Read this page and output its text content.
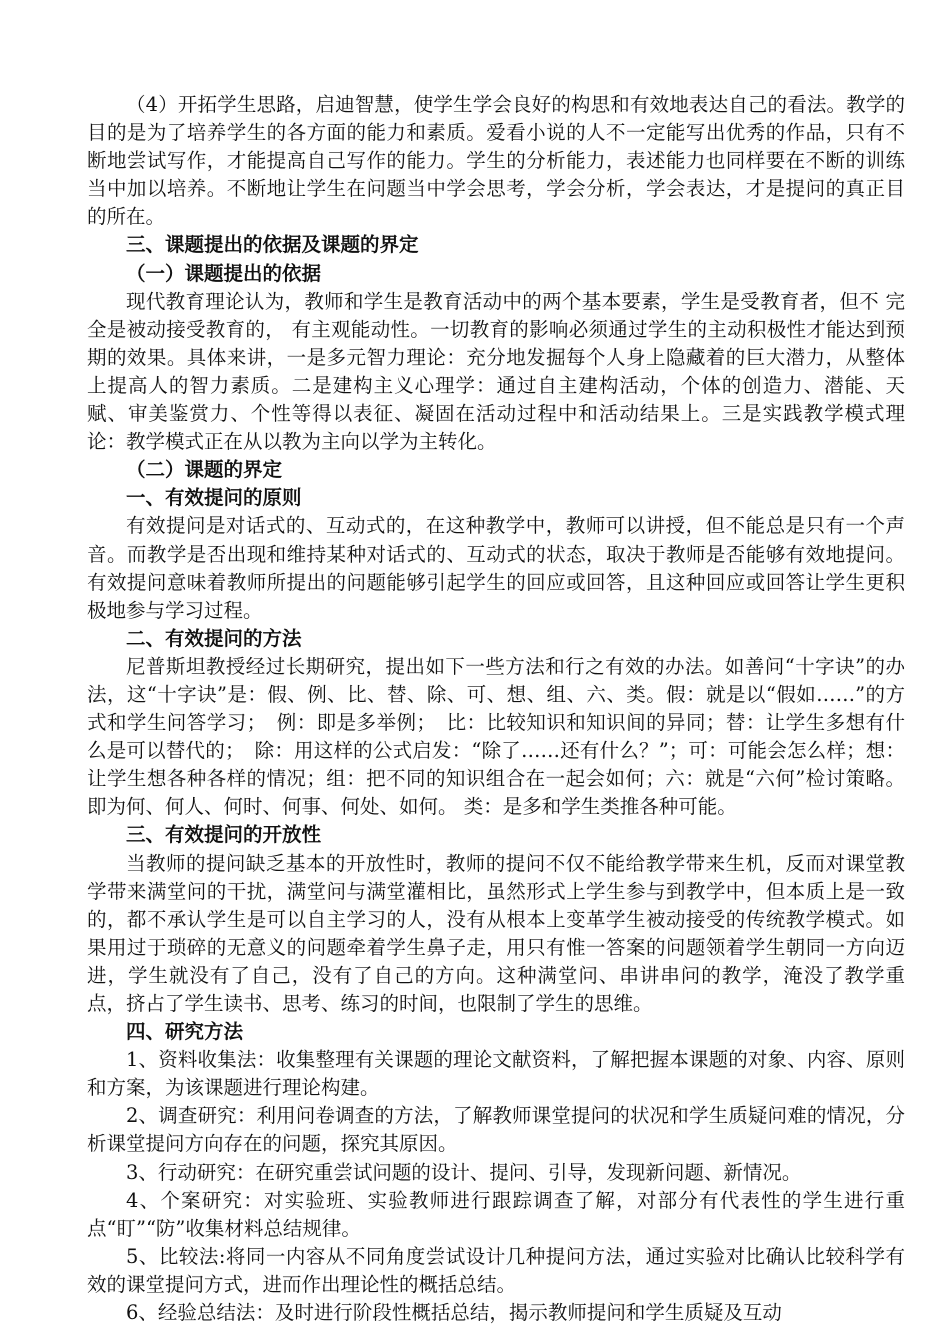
（4）开拓学生思路，启迪智慧，使学生学会良好的构思和有效地表达自己的看法。教学的目的是为了培养学生的各方面的能力和素质。爱看小说的人不一定能写出优秀的作品，只有不断地尝试写作，才能提高自己写作的能力。学生的分析能力，表述能力也同样要在不断的训练当中加以培养。不断地让学生在问题当中学会思考，学会分析，学会表达，才是提问的真正目的所在。

三、课题提出的依据及课题的界定

（一）课题提出的依据

现代教育理论认为，教师和学生是教育活动中的两个基本要素，学生是受教育者，但不 完全是被动接受教育的， 有主观能动性。一切教育的影响必须通过学生的主动积极性才能达到预期的效果。具体来讲，一是多元智力理论：充分地发掘每个人身上隐藏着的巨大潜力，从整体上提高人的智力素质。二是建构主义心理学：通过自主建构活动，个体的创造力、潜能、天赋、审美鉴赏力、个性等得以表征、凝固在活动过程中和活动结果上。三是实践教学模式理论：教学模式正在从以教为主向以学为主转化。

（二）课题的界定

一、有效提问的原则

有效提问是对话式的、互动式的，在这种教学中，教师可以讲授，但不能总是只有一个声音。而教学是否出现和维持某种对话式的、互动式的状态，取决于教师是否能够有效地提问。有效提问意味着教师所提出的问题能够引起学生的回应或回答，且这种回应或回答让学生更积极地参与学习过程。

二、有效提问的方法

尼普斯坦教授经过长期研究，提出如下一些方法和行之有效的办法。如善问“十字诀”的办法，这“十字诀”是：假、例、比、替、除、可、想、组、六、类。假：就是以“假如……”的方式和学生问答学习；　例：即是多举例；　比：比较知识和知识间的异同；替：让学生多想有什么是可以替代的；　除：用这样的公式启发：“除了……还有什么？”；可：可能会怎么样；想：让学生想各种各样的情况；组：把不同的知识组合在一起会如何；六：就是“六何”检讨策略。即为何、何人、何时、何事、何处、如何。 类：是多和学生类推各种可能。

三、有效提问的开放性

当教师的提问缺乏基本的开放性时，教师的提问不仅不能给教学带来生机，反而对课堂教学带来满堂问的干扰，满堂问与满堂灌相比，虽然形式上学生参与到教学中，但本质上是一致的，都不承认学生是可以自主学习的人，没有从根本上变革学生被动接受的传统教学模式。如果用过于琐碎的无意义的问题牵着学生鼻子走，用只有惟一答案的问题领着学生朝同一方向迈进，学生就没有了自己，没有了自己的方向。这种满堂问、串讲串问的教学，淹没了教学重点，挤占了学生读书、思考、练习的时间，也限制了学生的思维。

四、研究方法

1、资料收集法：收集整理有关课题的理论文献资料，了解把握本课题的对象、内容、原则和方案，为该课题进行理论构建。

2、调查研究：利用问卷调查的方法，了解教师课堂提问的状况和学生质疑问难的情况，分析课堂提问方向存在的问题，探究其原因。

3、行动研究：在研究重尝试问题的设计、提问、引导，发现新问题、新情况。

4、个案研究：对实验班、实验教师进行跟踪调查了解，对部分有代表性的学生进行重点“盯”“防”收集材料总结规律。

5、比较法:将同一内容从不同角度尝试设计几种提问方法，通过实验对比确认比较科学有效的课堂提问方式，进而作出理论性的概括总结。

6、经验总结法：及时进行阶段性概括总结，揭示教师提问和学生质疑及互动
